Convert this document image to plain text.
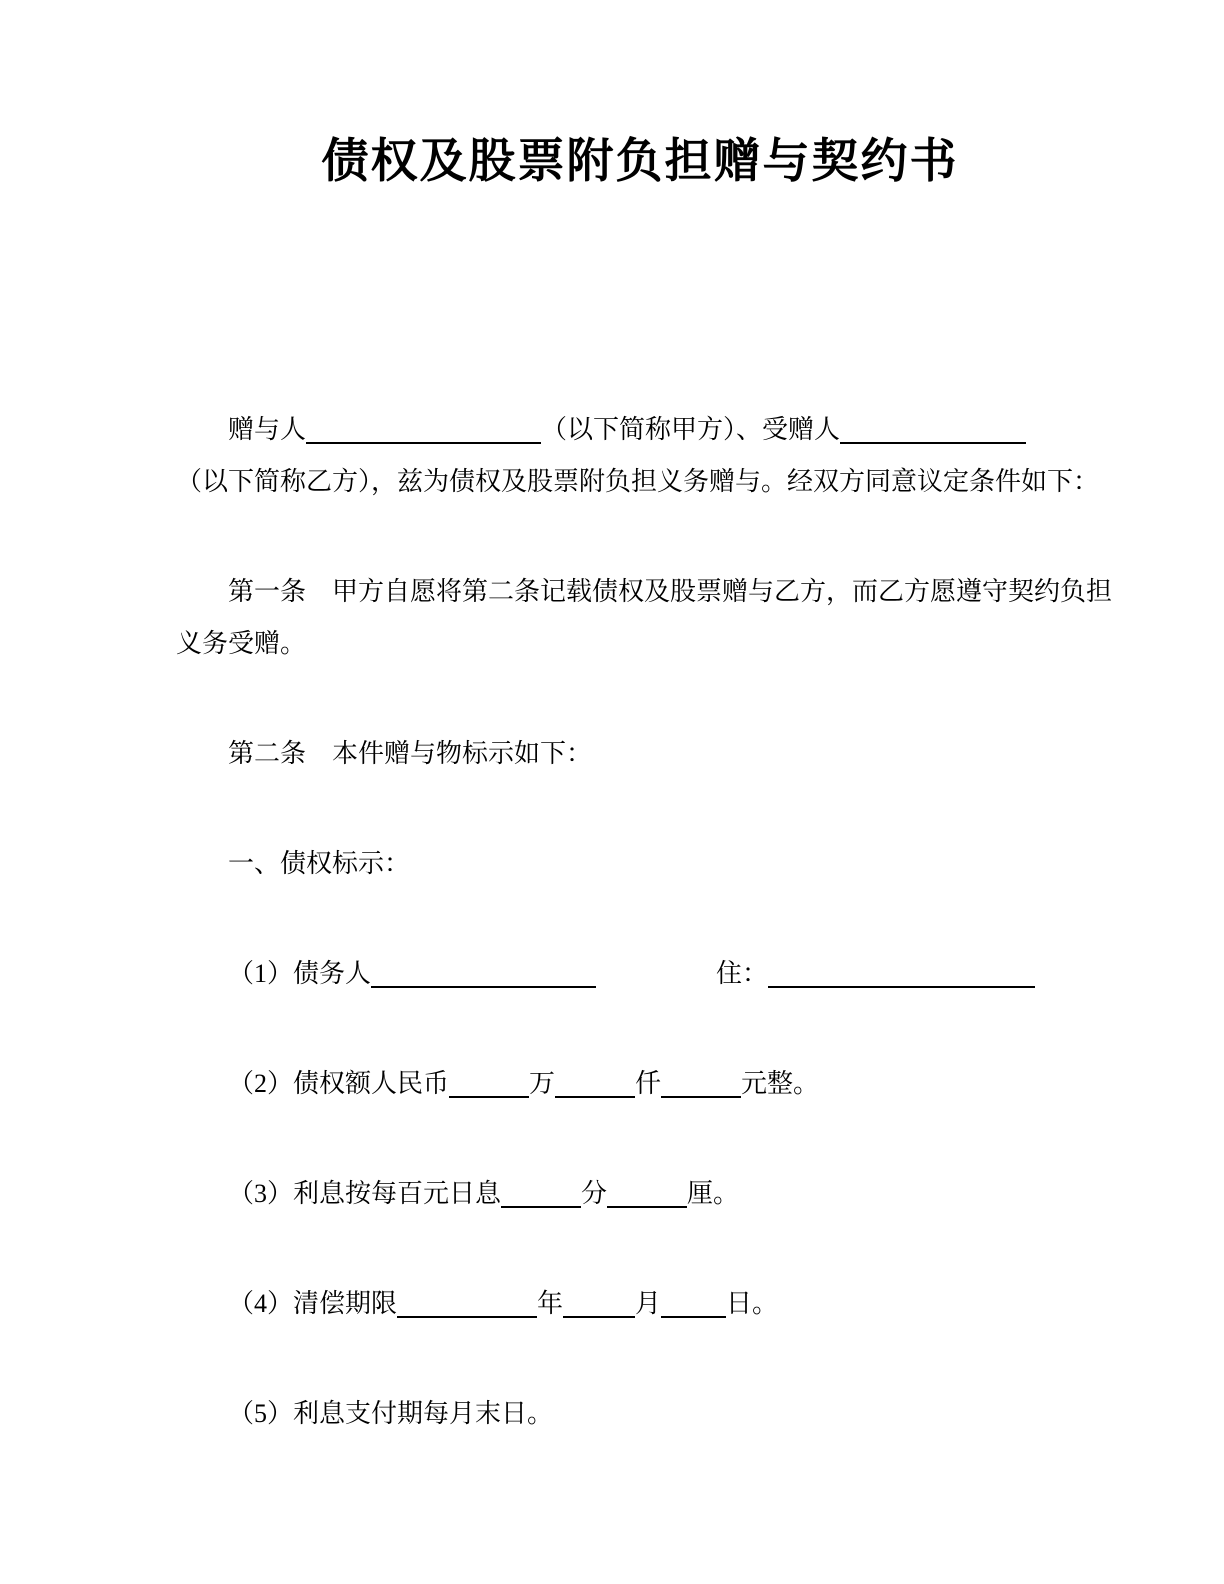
债权及股票附负担赠与契约书

赠与人	（以下简称甲方）、受赠人
（以下简称乙方），兹为债权及股票附负担义务赠与。经双方同意议定条件如下：

第一条　甲方自愿将第二条记载债权及股票赠与乙方，而乙方愿遵守契约负担
义务受赠。

第二条　本件赠与物标示如下：

一、债权标示：

（1）债务人	住：

（2）债权额人民币	万	仟	元整。

（3）利息按每百元日息	分	厘。

（4）清偿期限	年	月	日。

（5）利息支付期每月末日。
